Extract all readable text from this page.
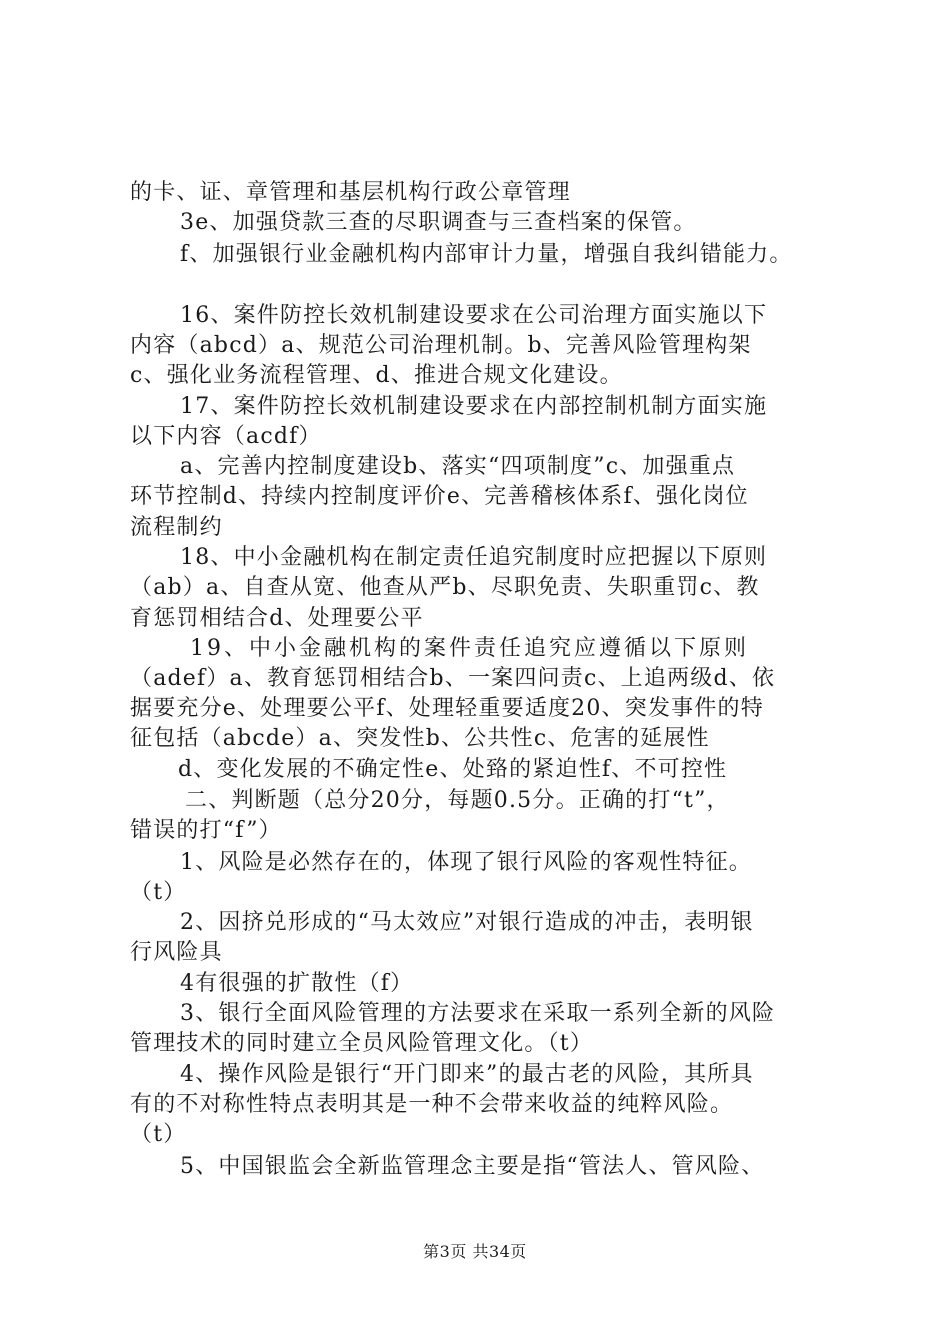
的卡、证、章管理和基层机构行政公章管理
3e、加强贷款三查的尽职调查与三查档案的保管。
f、加强银行业金融机构内部审计力量，增强自我纠错能力。
16、案件防控长效机制建设要求在公司治理方面实施以下
内容（abcd）a、规范公司治理机制。b、完善风险管理构架
c、强化业务流程管理、d、推进合规文化建设。
17、案件防控长效机制建设要求在内部控制机制方面实施
以下内容（acdf）
a、完善内控制度建设b、落实“四项制度”c、加强重点
环节控制d、持续内控制度评价e、完善稽核体系f、强化岗位
流程制约
18、中小金融机构在制定责任追究制度时应把握以下原则
（ab）a、自查从宽、他查从严b、尽职免责、失职重罚c、教
育惩罚相结合d、处理要公平
19、中小金融机构的案件责任追究应遵循以下原则
（adef）a、教育惩罚相结合b、一案四问责c、上追两级d、依
据要充分e、处理要公平f、处理轻重要适度20、突发事件的特
征包括（abcde）a、突发性b、公共性c、危害的延展性
d、变化发展的不确定性e、处臵的紧迫性f、不可控性
二、判断题（总分20分，每题0.5分。正确的打“t”，
错误的打“f”）
1、风险是必然存在的，体现了银行风险的客观性特征。
（t）
2、因挤兑形成的“马太效应”对银行造成的冲击，表明银
行风险具
4有很强的扩散性（f）
3、银行全面风险管理的方法要求在采取一系列全新的风险
管理技术的同时建立全员风险管理文化。（t）
4、操作风险是银行“开门即来”的最古老的风险，其所具
有的不对称性特点表明其是一种不会带来收益的纯粹风险。
（t）
5、中国银监会全新监管理念主要是指“管法人、管风险、
第3页 共34页
